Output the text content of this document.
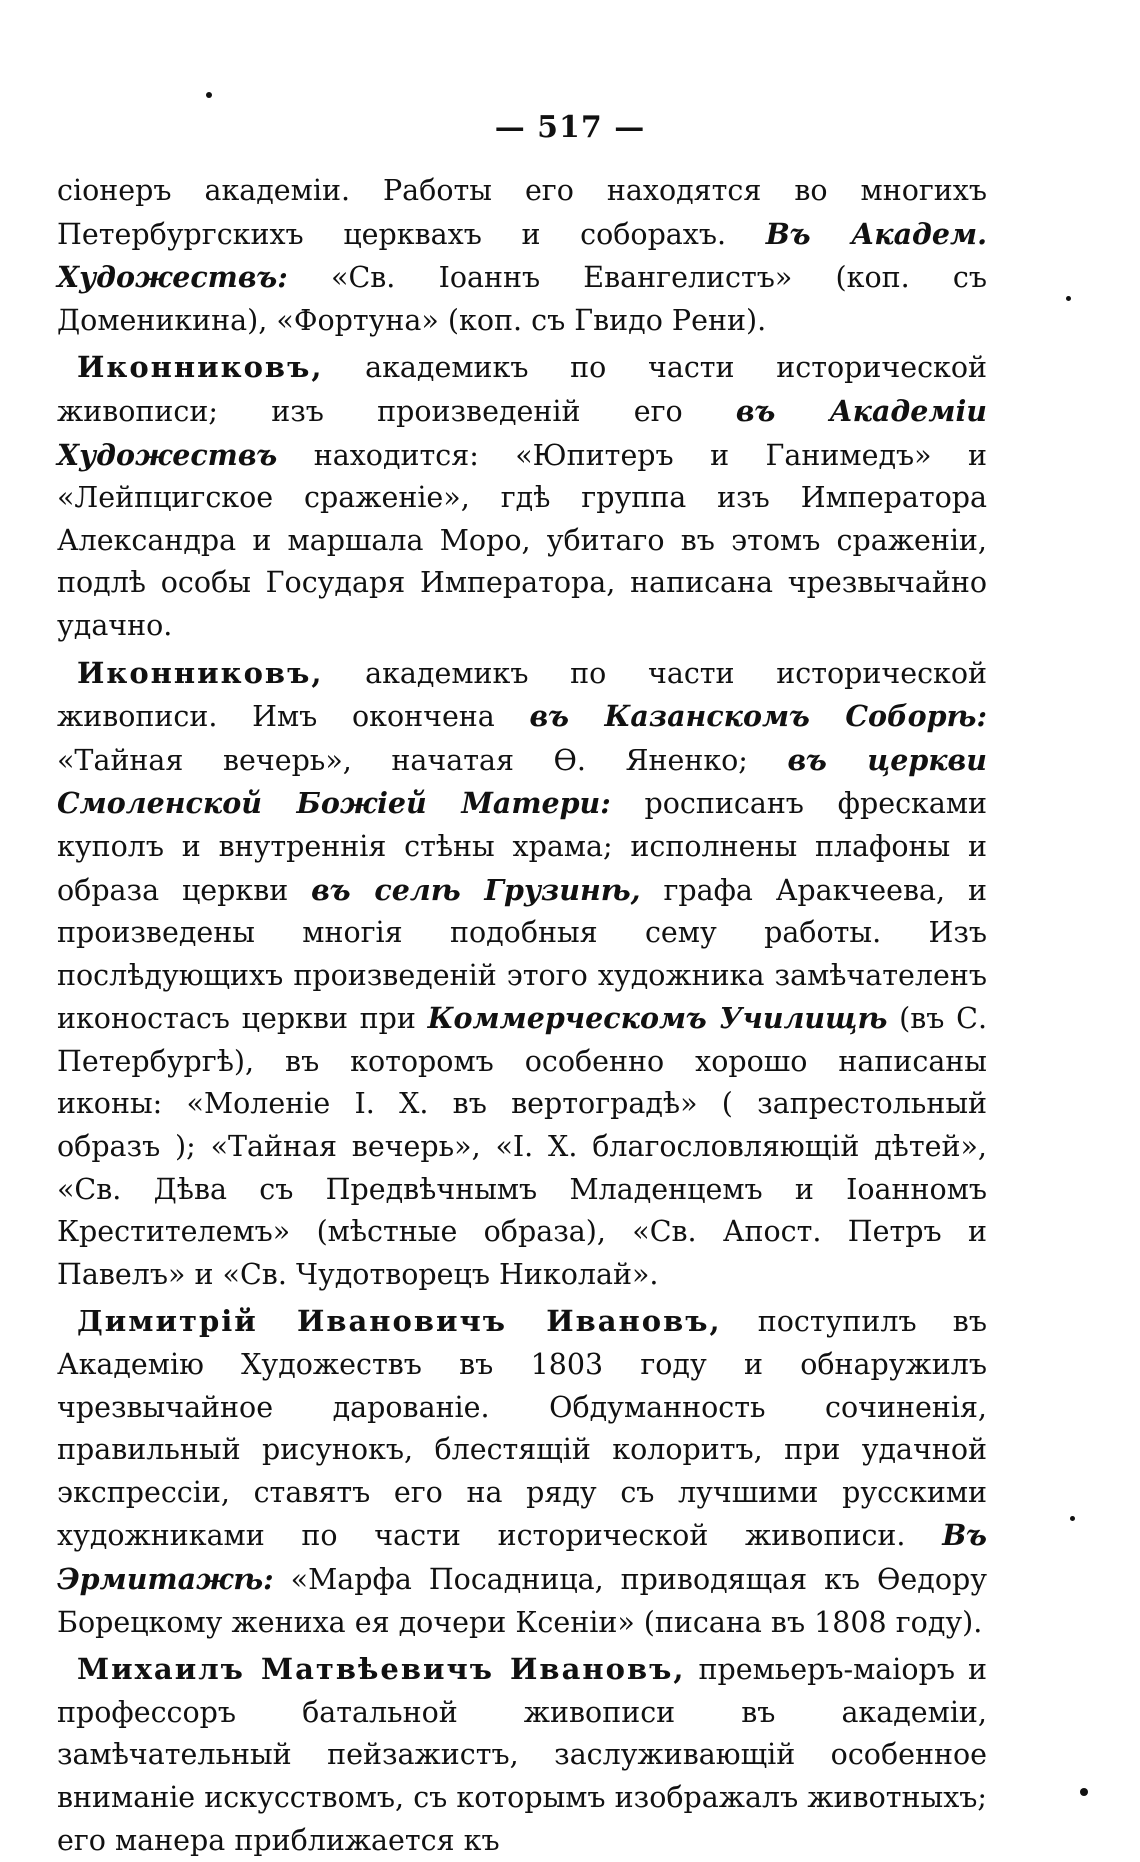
— 517 —

сіонеръ академіи. Работы его находятся во многихъ Петербургскихъ церквахъ и соборахъ. Въ Академ. Художествъ: «Св. Іоаннъ Евангелистъ» (коп. съ Доменикина), «Фортуна» (коп. съ Гвидо Рени).

Иконниковъ, академикъ по части исторической живописи; изъ произведеній его въ Академіи Художествъ находится: «Юпитеръ и Ганимедъ» и «Лейпцигское сраженіе», гдѣ группа изъ Императора Александра и маршала Моро, убитаго въ этомъ сраженіи, подлѣ особы Государя Императора, написана чрезвычайно удачно.

Иконниковъ, академикъ по части исторической живописи. Имъ окончена въ Казанскомъ Соборѣ: «Тайная вечерь», начатая Ѳ. Яненко; въ церкви Смоленской Божіей Матери: росписанъ фресками куполъ и внутреннія стѣны храма; исполнены плафоны и образа церкви въ селѣ Грузинѣ, графа Аракчеева, и произведены многія подобныя сему работы. Изъ послѣдующихъ произведеній этого художника замѣчателенъ иконостасъ церкви при Коммерческомъ Училищѣ (въ С. Петербургѣ), въ которомъ особенно хорошо написаны иконы: «Моленіе І. Х. въ вертоградѣ» ( запрестольный образъ ); «Тайная вечерь», «І. Х. благословляющій дѣтей», «Св. Дѣва съ Предвѣчнымъ Младенцемъ и Іоанномъ Крестителемъ» (мѣстные образа), «Св. Апост. Петръ и Павелъ» и «Св. Чудотворецъ Николай».

Димитрій Ивановичъ Ивановъ, поступилъ въ Академію Художествъ въ 1803 году и обнаружилъ чрезвычайное дарованіе. Обдуманность сочиненія, правильный рисунокъ, блестящій колоритъ, при удачной экспрессіи, ставятъ его на ряду съ лучшими русскими художниками по части исторической живописи. Въ Эрмитажѣ: «Марфа Посадница, приводящая къ Ѳедору Борецкому жениха ея дочери Ксеніи» (писана въ 1808 году).

Михаилъ Матвѣевичъ Ивановъ, премьеръ-маіоръ и профессоръ батальной живописи въ академіи, замѣчательный пейзажистъ, заслуживающій особенное вниманіе искусствомъ, съ которымъ изображалъ животныхъ; его манера приближается къ
